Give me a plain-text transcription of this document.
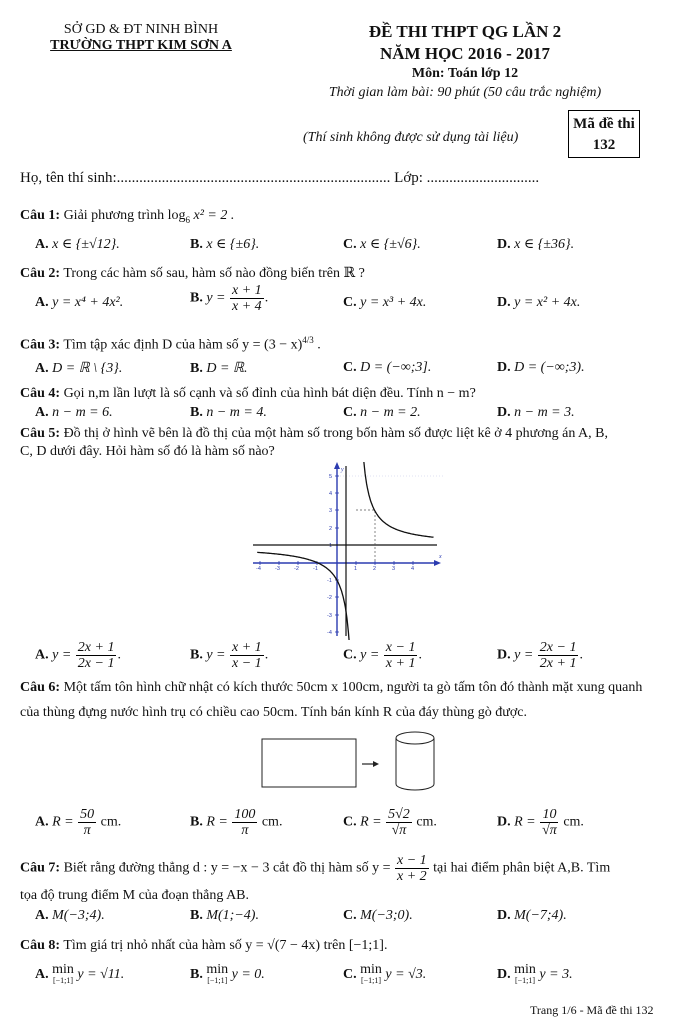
SỞ GD & ĐT NINH BÌNH
TRƯỜNG THPT KIM SƠN A
ĐỀ THI THPT QG LẦN 2
NĂM HỌC 2016 - 2017
Môn: Toán lớp 12
Thời gian làm bài: 90 phút (50 câu trắc nghiệm)
(Thí sinh không được sử dụng tài liệu)
Mã đề thi
132
Họ, tên thí sinh:......................................................................... Lớp: ..............................
Câu 1: Giải phương trình $\log_6 x^2 = 2$ .
A. x ∈ {±√12}.	B. x ∈ {±6}.	C. x ∈ {±√6}.	D. x ∈ {±36}.
Câu 2: Trong các hàm số sau, hàm số nào đồng biến trên ℝ ?
A. y = x⁴ + 4x².	B. $y = \frac{x + 1}{x + 4}$ .	C. y = x³ + 4x.	D. y = x² + 4x.
Câu 3: Tìm tập xác định D của hàm số $y = (3 - x)^{4/3}$ .
A. D = ℝ \ {3}.	B. D = ℝ.	C. D = (−∞;3].	D. D = (−∞;3).
Câu 4: Gọi n,m lần lượt là số cạnh và số đỉnh của hình bát diện đều. Tính n − m?
A. n − m = 6.	B. n − m = 4.	C. n − m = 2.	D. n − m = 3.
Câu 5: Đồ thị ở hình vẽ bên là đồ thị của một hàm số trong bốn hàm số được liệt kê ở 4 phương án A, B,
C, D dưới đây. Hỏi hàm số đó là hàm số nào?
x
y
-4	-3	-2	-1	1	2	3	4
5
4
3
2
1
-1
-2
-3
-4
A. $y = \frac{2x + 1}{2x - 1}$ .	B. $y = \frac{x + 1}{x - 1}$ .	C. $y = \frac{x - 1}{x + 1}$ .	D. $y = \frac{2x - 1}{2x + 1}$ .
Câu 6: Một tấm tôn hình chữ nhật có kích thước 50cm x 100cm, người ta gò tấm tôn đó thành mặt xung quanh
của thùng đựng nước hình trụ có chiều cao 50cm. Tính bán kính R của đáy thùng gò được.
A. $R = \frac{50}{\pi}$ cm.	B. $R = \frac{100}{\pi}$ cm.	C. $R = \frac{5√2}{√\pi}$ cm.	D. $R = \frac{10}{√\pi}$ cm.
Câu 7: Biết rằng đường thẳng d : y = −x − 3 cắt đồ thị hàm số $y = \frac{x - 1}{x + 2}$ tại hai điểm phân biệt A,B. Tìm
tọa độ trung điểm M của đoạn thẳng AB.
A. M(−3;4).	B. M(1;−4).	C. M(−3;0).	D. M(−7;4).
Câu 8: Tìm giá trị nhỏ nhất của hàm số y = √(7 − 4x) trên [−1;1].
A. min
[−1;1] y = √11.	B. min
[−1;1] y = 0.	C. min
[−1;1] y = √3.	D. min
[−1;1] y = 3.
Trang 1/6 - Mã đề thi 132
